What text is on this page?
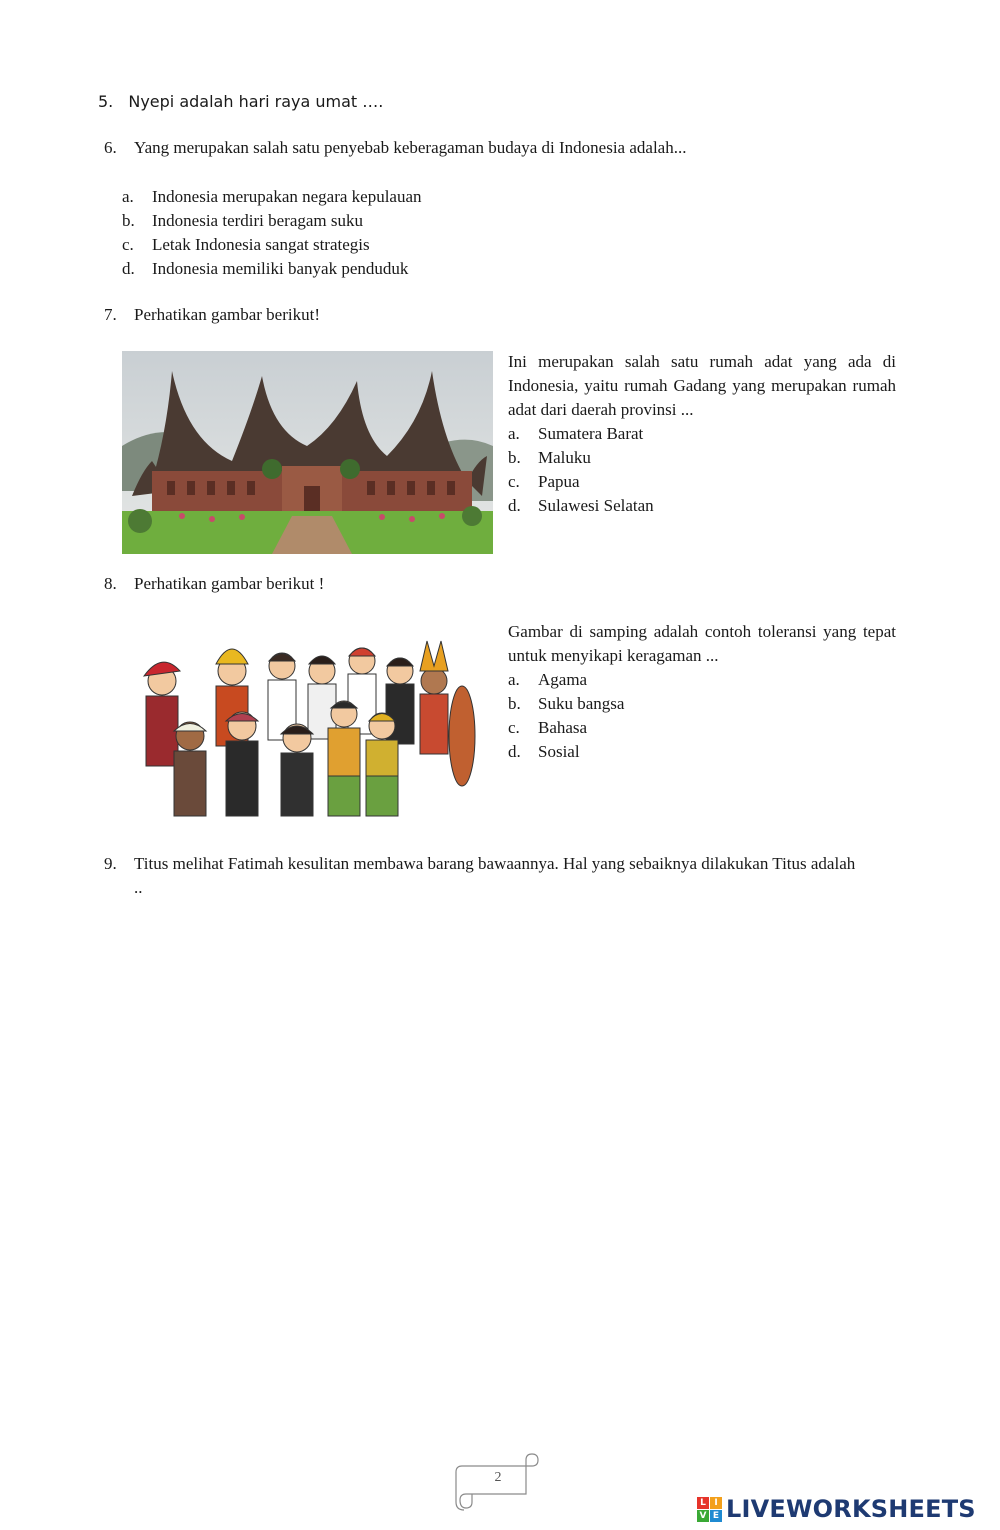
5. Nyepi adalah hari raya umat ….
6. Yang merupakan salah satu penyebab keberagaman budaya di Indonesia adalah...
a. Indonesia merupakan negara kepulauan
b. Indonesia terdiri beragam suku
c. Letak Indonesia sangat strategis
d. Indonesia memiliki banyak penduduk
7. Perhatikan gambar berikut!
Ini merupakan salah satu rumah adat yang ada di Indonesia, yaitu rumah Gadang yang merupakan rumah adat dari daerah provinsi ...
a. Sumatera Barat
b. Maluku
c. Papua
d. Sulawesi Selatan
8. Perhatikan gambar berikut !
Gambar di samping adalah contoh toleransi yang tepat untuk menyikapi keragaman ...
a. Agama
b. Suku bangsa
c. Bahasa
d. Sosial
9. Titus melihat Fatimah kesulitan membawa barang bawaannya. Hal yang sebaiknya dilakukan Titus adalah
..
2
L I
V E LIVEWORKSHEETS
